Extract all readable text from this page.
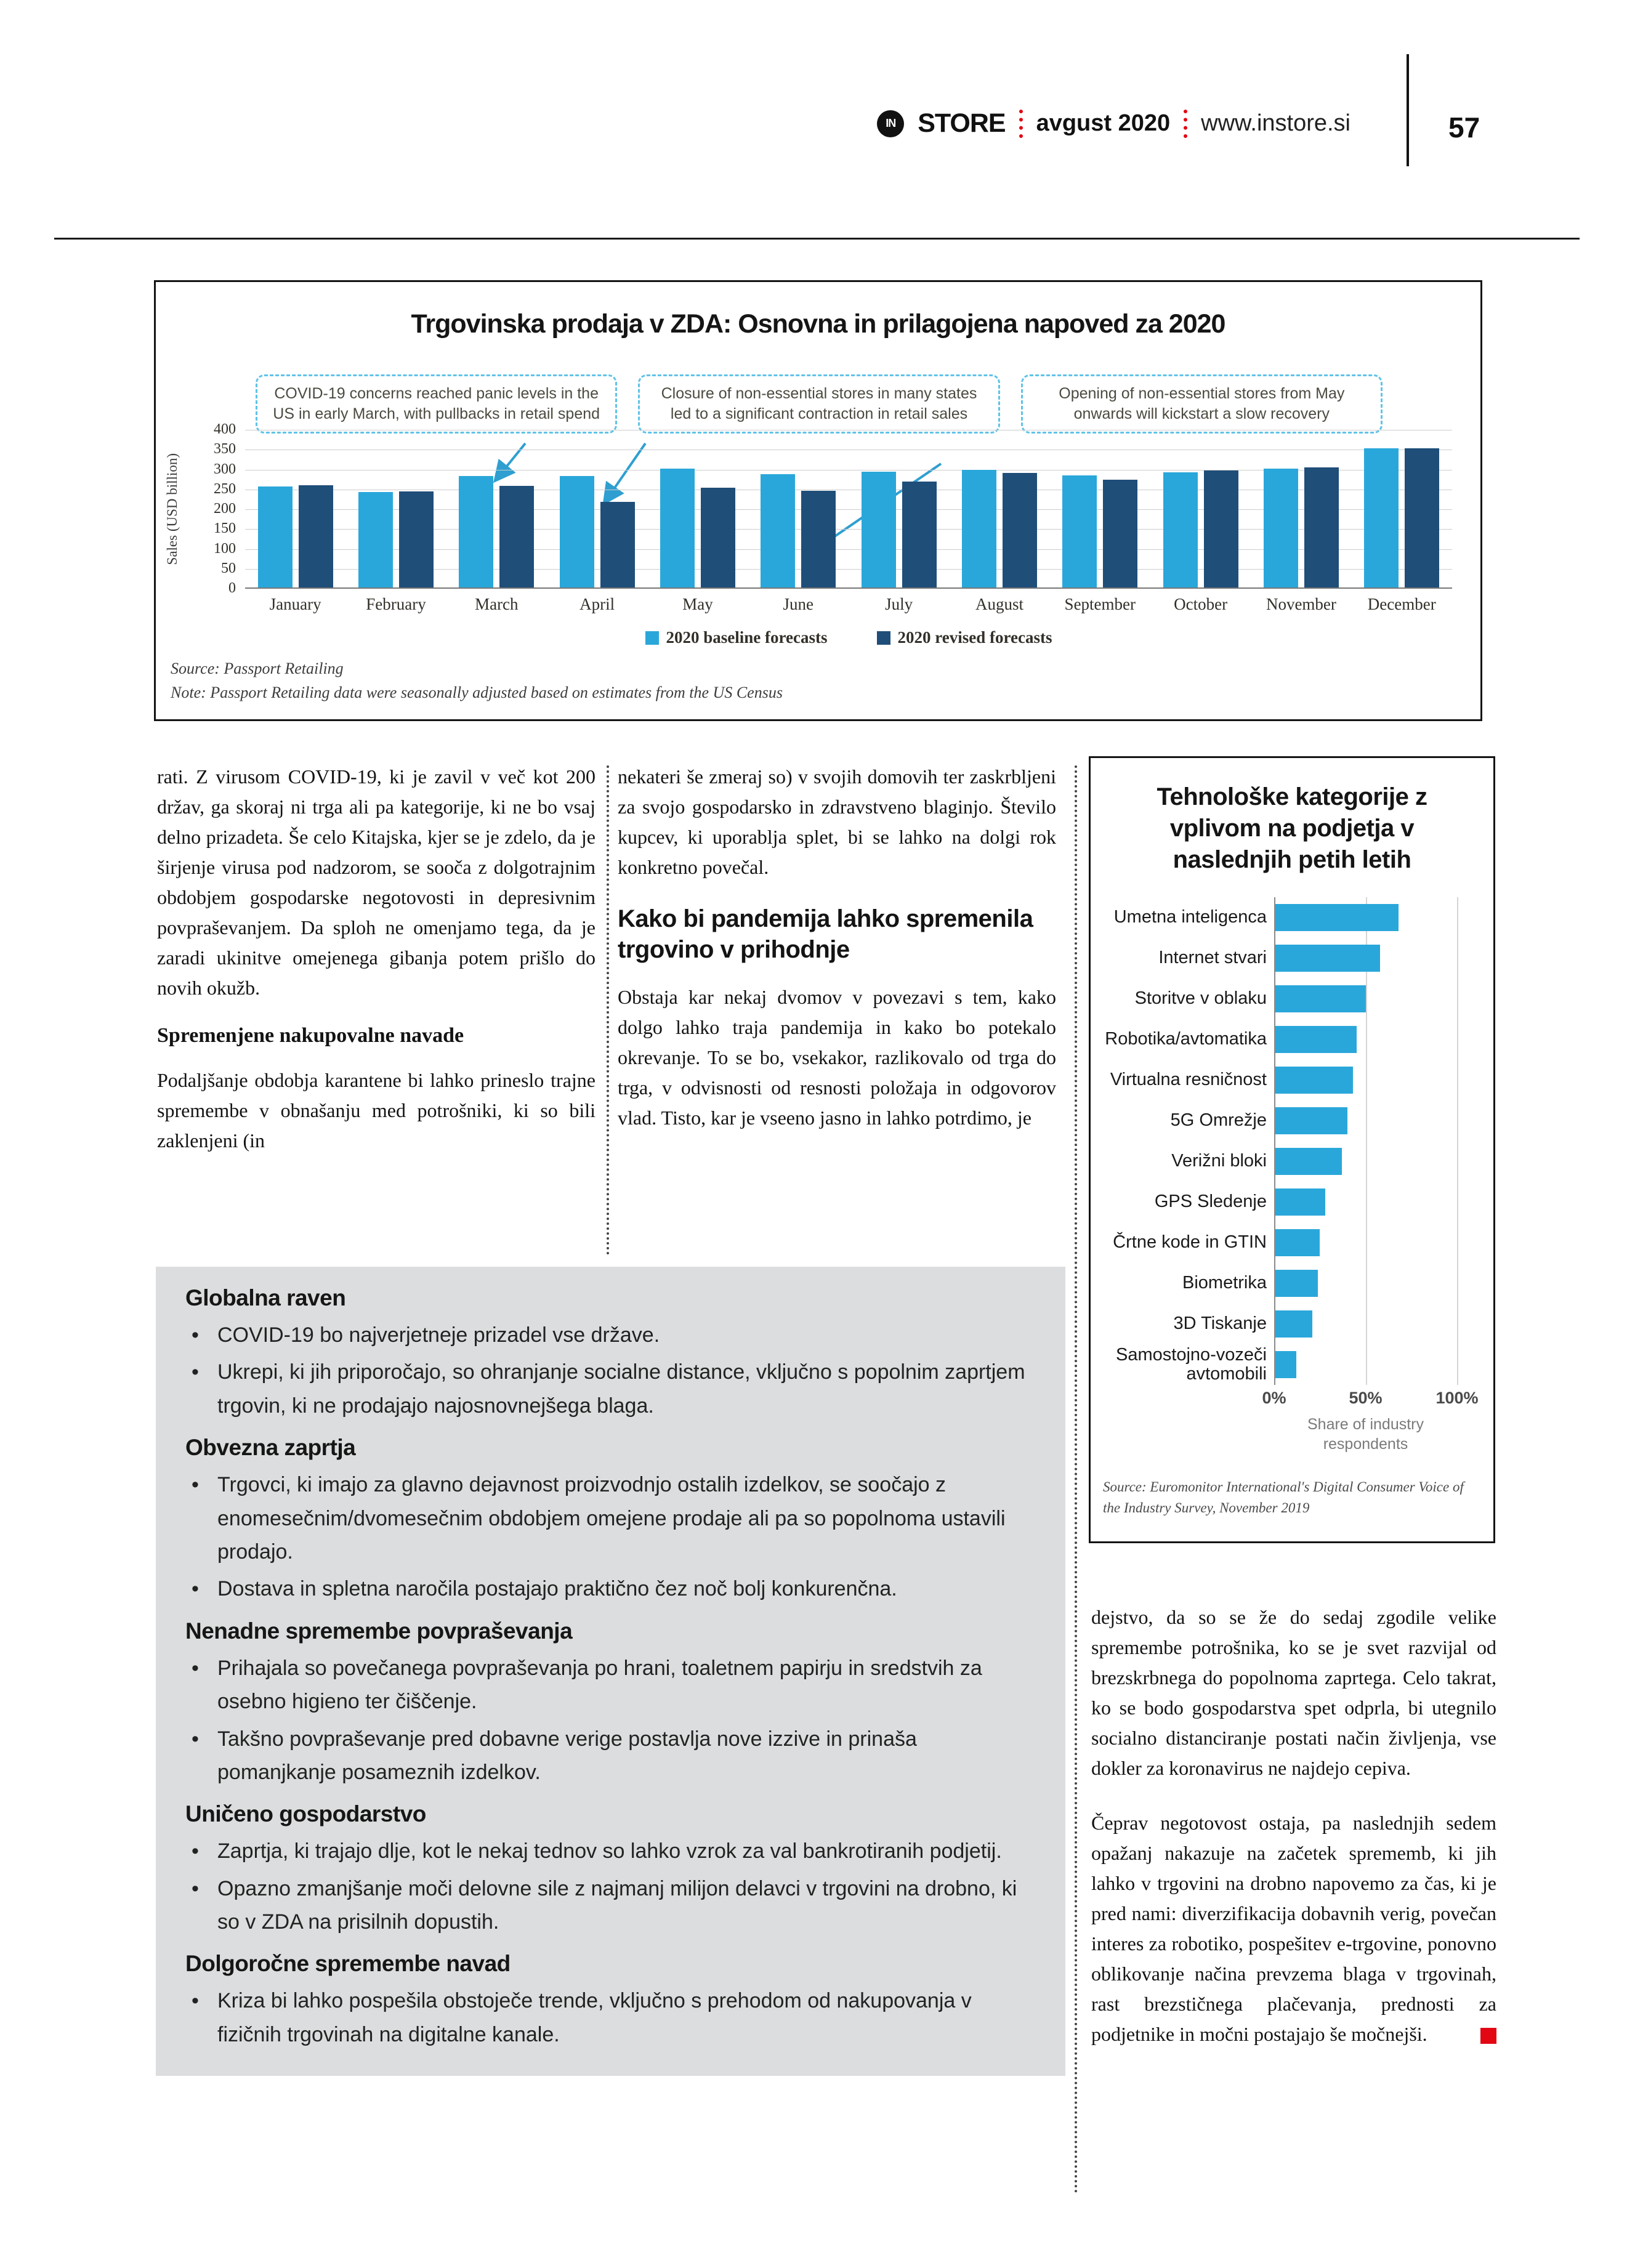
IN STORE avgust 2020 www.instore.si	57
Trgovinska prodaja v ZDA: Osnovna in prilagojena napoved za 2020
COVID-19 concerns reached panic levels in the US in early March, with pullbacks in retail spend
Closure of non-essential stores in many states led to a significant contraction in retail sales
Opening of non-essential stores from May onwards will kickstart a slow recovery
Sales (USD billion)
0
50
100
150
200
250
300
350
400
January	February	March	April	May	June	July	August	September	October	November	December
2020 baseline forecasts	2020 revised forecasts
Source: Passport Retailing
Note: Passport Retailing data were seasonally adjusted based on estimates from the US Census

rati. Z virusom COVID-19, ki je zavil v več kot 200 držav, ga skoraj ni trga ali pa kategorije, ki ne bo vsaj delno prizadeta. Še celo Kitajska, kjer se je zdelo, da je širjenje virusa pod nadzorom, se sooča z dolgotrajnim obdobjem gospodarske negotovosti in depresivnim povpraševanjem. Da sploh ne omenjamo tega, da je zaradi ukinitve omejenega gibanja potem prišlo do novih okužb.

Spremenjene nakupovalne navade

Podaljšanje obdobja karantene bi lahko prineslo trajne spremembe v obnašanju med potrošniki, ki so bili zaklenjeni (in

nekateri še zmeraj so) v svojih domovih ter zaskrbljeni za svojo gospodarsko in zdravstveno blaginjo. Število kupcev, ki uporablja splet, bi se lahko na dolgi rok konkretno povečal.

Kako bi pandemija lahko spremenila trgovino v prihodnje

Obstaja kar nekaj dvomov v povezavi s tem, kako dolgo lahko traja pandemija in kako bo potekalo okrevanje. To se bo, vsekakor, razlikovalo od trga do trga, v odvisnosti od resnosti položaja in odgovorov vlad. Tisto, kar je vseeno jasno in lahko potrdimo, je

Tehnološke kategorije z vplivom na podjetja v naslednjih petih letih
Umetna inteligenca
Internet stvari
Storitve v oblaku
Robotika/avtomatika
Virtualna resničnost
5G Omrežje
Verižni bloki
GPS Sledenje
Črtne kode in GTIN
Biometrika
3D Tiskanje
Samostojno-vozeči avtomobili
0%	50%	100%
Share of industry respondents
Source: Euromonitor International's Digital Consumer Voice of the Industry Survey, November 2019
Globalna raven
• COVID-19 bo najverjetneje prizadel vse države.
• Ukrepi, ki jih priporočajo, so ohranjanje socialne distance, vključno s popolnim zaprtjem trgovin, ki ne prodajajo najosnovnejšega blaga.
Obvezna zaprtja
• Trgovci, ki imajo za glavno dejavnost proizvodnjo ostalih izdelkov, se soočajo z enomesečnim/dvomesečnim obdobjem omejene prodaje ali pa so popolnoma ustavili prodajo.
• Dostava in spletna naročila postajajo praktično čez noč bolj konkurenčna.
Nenadne spremembe povpraševanja
• Prihajala so povečanega povpraševanja po hrani, toaletnem papirju in sredstvih za osebno higieno ter čiščenje.
• Takšno povpraševanje pred dobavne verige postavlja nove izzive in prinaša pomanjkanje posameznih izdelkov.
Uničeno gospodarstvo
• Zaprtja, ki trajajo dlje, kot le nekaj tednov so lahko vzrok za val bankrotiranih podjetij.
• Opazno zmanjšanje moči delovne sile z najmanj milijon delavci v trgovini na drobno, ki so v ZDA na prisilnih dopustih.
Dolgoročne spremembe navad
• Kriza bi lahko pospešila obstoječe trende, vključno s prehodom od nakupovanja v fizičnih trgovinah na digitalne kanale.

dejstvo, da so se že do sedaj zgodile velike spremembe potrošnika, ko se je svet razvijal od brezskrbnega do popolnoma zaprtega. Celo takrat, ko se bodo gospodarstva spet odprla, bi utegnilo socialno distanciranje postati način življenja, vse dokler za koronavirus ne najdejo cepiva.

Čeprav negotovost ostaja, pa naslednjih sedem opažanj nakazuje na začetek sprememb, ki jih lahko v trgovini na drobno napovemo za čas, ki je pred nami: diverzifikacija dobavnih verig, povečan interes za robotiko, pospešitev e-trgovine, ponovno oblikovanje načina prevzema blaga v trgovinah, rast brezstičnega plačevanja, prednosti za podjetnike in močni postajajo še močnejši.
